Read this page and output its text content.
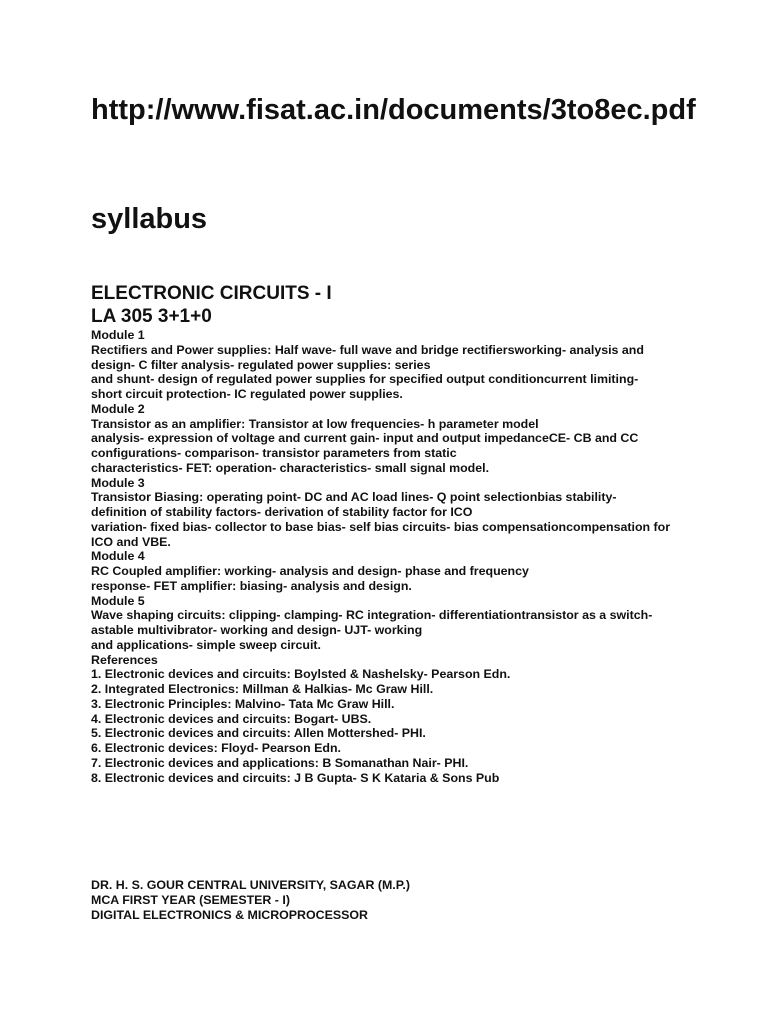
http://www.fisat.ac.in/documents/3to8ec.pdf
syllabus
ELECTRONIC CIRCUITS - I
LA 305 3+1+0
Module 1
Rectifiers and Power supplies: Half wave- full wave and bridge rectifiersworking- analysis and
design- C filter analysis- regulated power supplies: series
and shunt- design of regulated power supplies for specified output conditioncurrent limiting-
short circuit protection- IC regulated power supplies.
Module 2
Transistor as an amplifier: Transistor at low frequencies- h parameter model
analysis- expression of voltage and current gain- input and output impedanceCE- CB and CC
configurations- comparison- transistor parameters from static
characteristics- FET: operation- characteristics- small signal model.
Module 3
Transistor Biasing: operating point- DC and AC load lines- Q point selectionbias stability-
definition of stability factors- derivation of stability factor for ICO
variation- fixed bias- collector to base bias- self bias circuits- bias compensationcompensation for
ICO and VBE.
Module 4
RC Coupled amplifier: working- analysis and design- phase and frequency
response- FET amplifier: biasing- analysis and design.
Module 5
Wave shaping circuits: clipping- clamping- RC integration- differentiationtransistor as a switch-
astable multivibrator- working and design- UJT- working
and applications- simple sweep circuit.
References
1. Electronic devices and circuits: Boylsted & Nashelsky- Pearson Edn.
2. Integrated Electronics: Millman & Halkias- Mc Graw Hill.
3. Electronic Principles: Malvino- Tata Mc Graw Hill.
4. Electronic devices and circuits: Bogart- UBS.
5. Electronic devices and circuits: Allen Mottershed- PHI.
6. Electronic devices: Floyd- Pearson Edn.
7. Electronic devices and applications: B Somanathan Nair- PHI.
8. Electronic devices and circuits: J B Gupta- S K Kataria & Sons Pub
DR. H. S. GOUR CENTRAL UNIVERSITY, SAGAR (M.P.)
MCA FIRST YEAR (SEMESTER - I)
DIGITAL ELECTRONICS & MICROPROCESSOR
